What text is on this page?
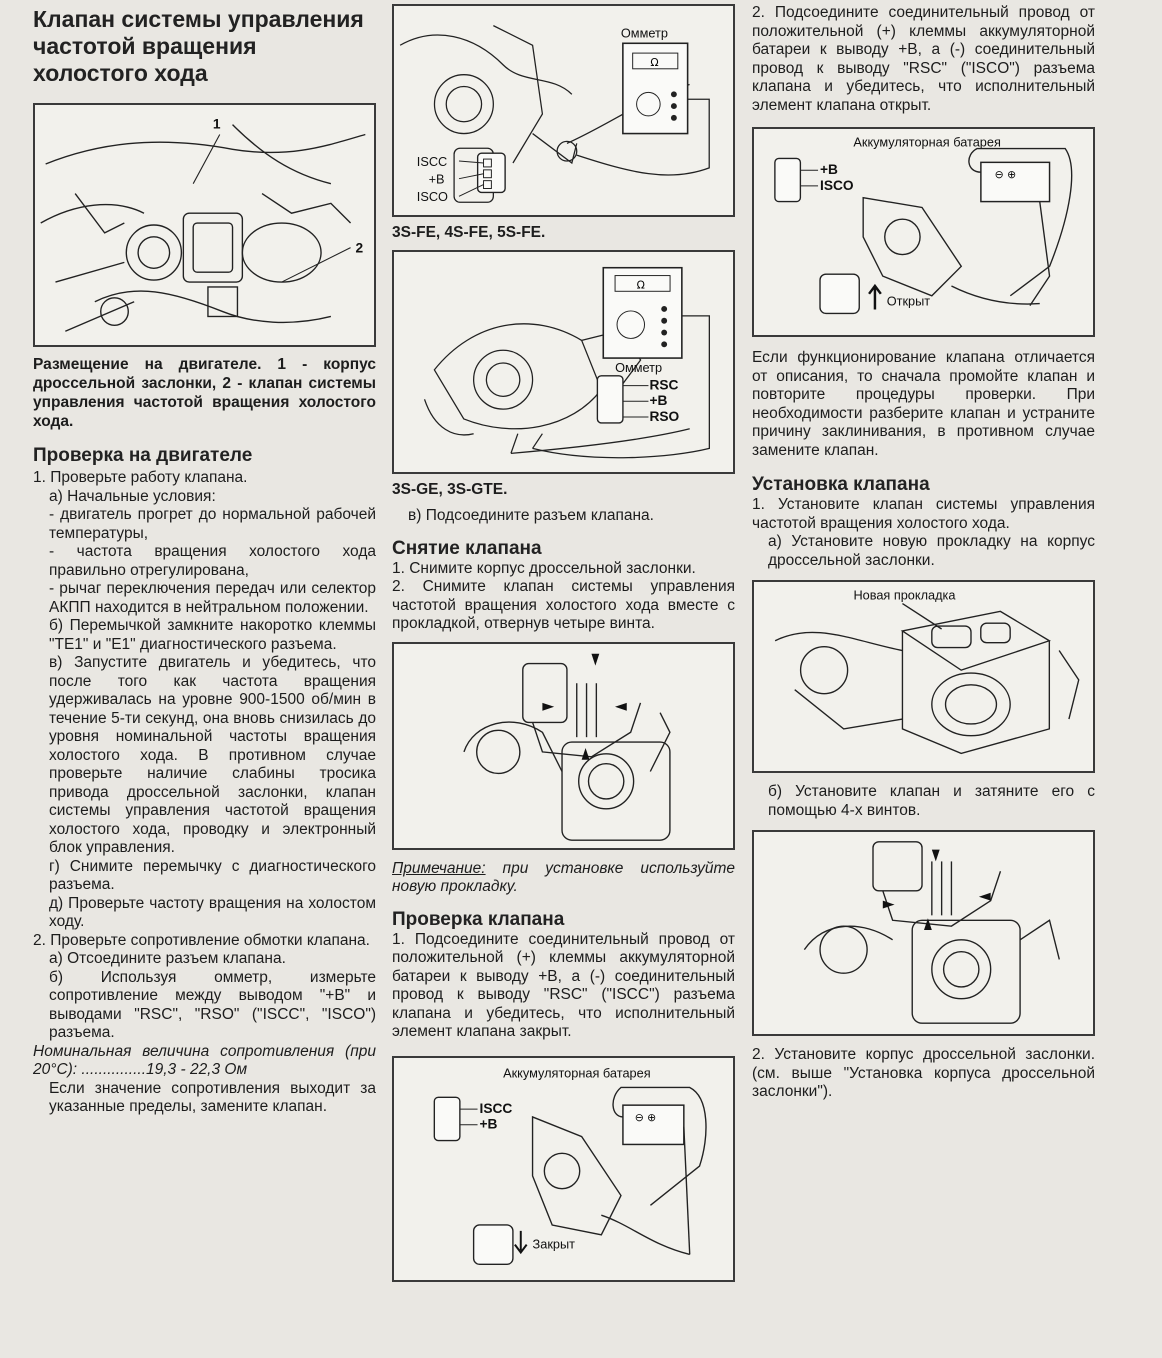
Клапан системы управления частотой вращения холостого хода
1
2
Размещение на двигателе. 1 - корпус дроссельной заслонки, 2 - клапан системы управления частотой вращения холостого хода.
Проверка на двигателе

1. Проверьте работу клапана.

а) Начальные условия:

- двигатель прогрет до нормальной рабочей температуры,

- частота вращения холостого хода правильно отрегулирована,

- рычаг переключения передач или селектор АКПП находится в нейтральном положении.

б) Перемычкой замкните накоротко клеммы "TE1" и "E1" диагностического разъема.

в) Запустите двигатель и убедитесь, что после того как частота вращения удерживалась на уровне 900-1500 об/мин в течение 5-ти секунд, она вновь снизилась до уровня номинальной частоты вращения холостого хода. В противном случае проверьте наличие слабины тросика привода дроссельной заслонки, клапан системы управления частотой вращения холостого хода, проводку и электронный блок управления.

г) Снимите перемычку с диагностического разъема.

д) Проверьте частоту вращения на холостом ходу.

2. Проверьте сопротивление обмотки клапана.

а) Отсоедините разъем клапана.

б) Используя омметр, измерьте сопротивление между выводом "+B" и выводами "RSC", "RSO" ("ISCC", "ISCO") разъема.

Номинальная величина сопротивления (при 20°С): ...............19,3 - 22,3 Ом

Если значение сопротивления выходит за указанные пределы, замените клапан.

Ω
Омметр
ISCC
+B
ISCO
3S-FE, 4S-FE, 5S-FE.
Ω
Омметр
RSC
+B
RSO
3S-GE, 3S-GTE.

в) Подсоедините разъем клапана.

Снятие клапана

1. Снимите корпус дроссельной заслонки.

2. Снимите клапан системы управления частотой вращения холостого хода вместе с прокладкой, отвернув четыре винта.

Примечание: при установке используйте новую прокладку.

Проверка клапана

1. Подсоедините соединительный провод от положительной (+) клеммы аккумуляторной батареи к выводу +B, а (-) соединительный провод к выводу "RSC" ("ISCC") разъема клапана и убедитесь, что исполнительный элемент клапана закрыт.

⊖ ⊕
Аккумуляторная батарея
ISCC
+B
Закрыт

2. Подсоедините соединительный провод от положительной (+) клеммы аккумуляторной батареи к выводу +B, а (-) соединительный провод к выводу "RSC" ("ISCO") разъема клапана и убедитесь, что исполнительный элемент клапана открыт.

Аккумуляторная батарея
⊖ ⊕
+B
ISCO
Открыт

Если функционирование клапана отличается от описания, то сначала промойте клапан и повторите процедуры проверки. При необходимости разберите клапан и устраните причину заклинивания, в противном случае замените клапан.

Установка клапана

1. Установите клапан системы управления частотой вращения холостого хода.

а) Установите новую прокладку на корпус дроссельной заслонки.

Новая прокладка

б) Установите клапан и затяните его с помощью 4-х винтов.

2. Установите корпус дроссельной заслонки. (см. выше "Установка корпуса дроссельной заслонки").
